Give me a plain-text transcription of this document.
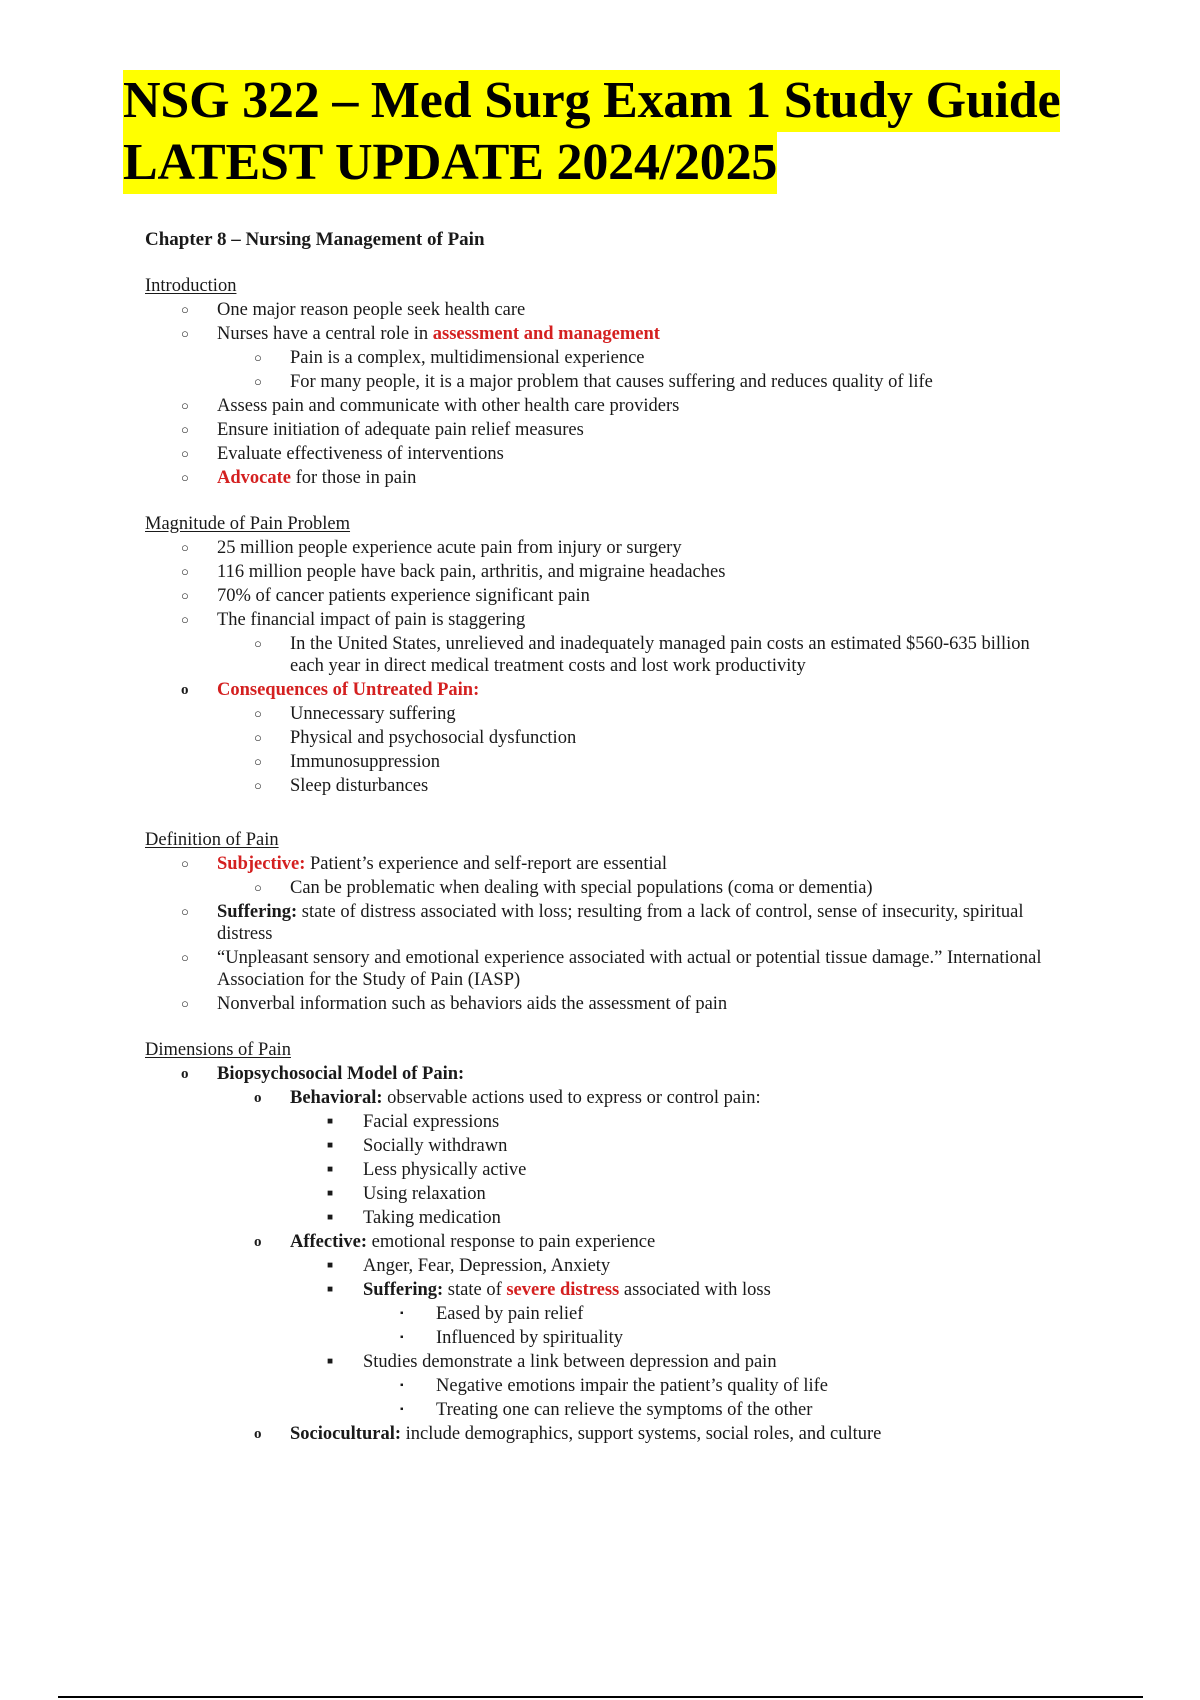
NSG 322 – Med Surg Exam 1 Study Guide
LATEST UPDATE 2024/2025
Chapter 8 – Nursing Management of Pain
Introduction
○ One major reason people seek health care
○ Nurses have a central role in assessment and management
○ Pain is a complex, multidimensional experience
○ For many people, it is a major problem that causes suffering and reduces quality of life
○ Assess pain and communicate with other health care providers
○ Ensure initiation of adequate pain relief measures
○ Evaluate effectiveness of interventions
○ Advocate for those in pain
Magnitude of Pain Problem
○ 25 million people experience acute pain from injury or surgery
○ 116 million people have back pain, arthritis, and migraine headaches
○ 70% of cancer patients experience significant pain
○ The financial impact of pain is staggering
○ In the United States, unrelieved and inadequately managed pain costs an estimated $560-635 billion each year in direct medical treatment costs and lost work productivity
o Consequences of Untreated Pain:
○ Unnecessary suffering
○ Physical and psychosocial dysfunction
○ Immunosuppression
○ Sleep disturbances
Definition of Pain
○ Subjective: Patient’s experience and self-report are essential
○ Can be problematic when dealing with special populations (coma or dementia)
○ Suffering: state of distress associated with loss; resulting from a lack of control, sense of insecurity, spiritual distress
○ “Unpleasant sensory and emotional experience associated with actual or potential tissue damage.” International Association for the Study of Pain (IASP)
○ Nonverbal information such as behaviors aids the assessment of pain
Dimensions of Pain
o Biopsychosocial Model of Pain:
o Behavioral: observable actions used to express or control pain:
■ Facial expressions
■ Socially withdrawn
■ Less physically active
■ Using relaxation
■ Taking medication
o Affective: emotional response to pain experience
■ Anger, Fear, Depression, Anxiety
■ Suffering: state of severe distress associated with loss
▪ Eased by pain relief
▪ Influenced by spirituality
■ Studies demonstrate a link between depression and pain
▪ Negative emotions impair the patient’s quality of life
▪ Treating one can relieve the symptoms of the other
o Sociocultural: include demographics, support systems, social roles, and culture
